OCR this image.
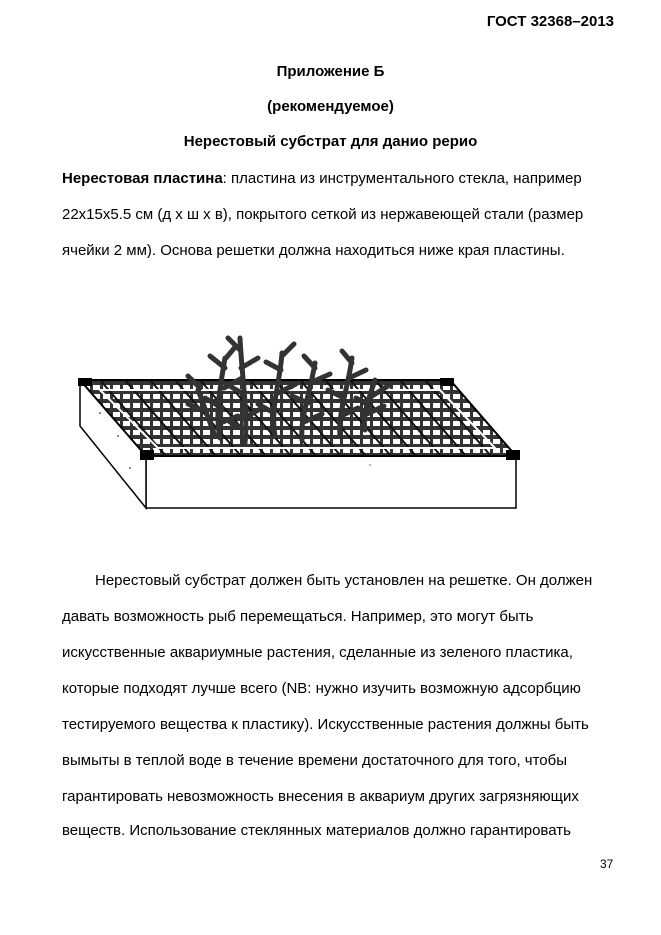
ГОСТ 32368–2013
Приложение Б
(рекомендуемое)
Нерестовый субстрат для данио рерио
Нерестовая пластина: пластина из инструментального стекла, например
22x15x5.5 см (д х ш х в), покрытого сеткой из нержавеющей стали (размер
ячейки 2 мм). Основа решетки должна находиться ниже края пластины.
Нерестовый субстрат должен быть установлен на решетке. Он должен
давать возможность рыб перемещаться. Например, это могут быть
искусственные аквариумные растения, сделанные из зеленого пластика,
которые подходят лучше всего (NB: нужно изучить возможную адсорбцию
тестируемого вещества к пластику). Искусственные растения должны быть
вымыты в теплой воде в течение времени достаточного для того, чтобы
гарантировать невозможность внесения в аквариум других загрязняющих
веществ. Использование стеклянных материалов должно гарантировать
37
